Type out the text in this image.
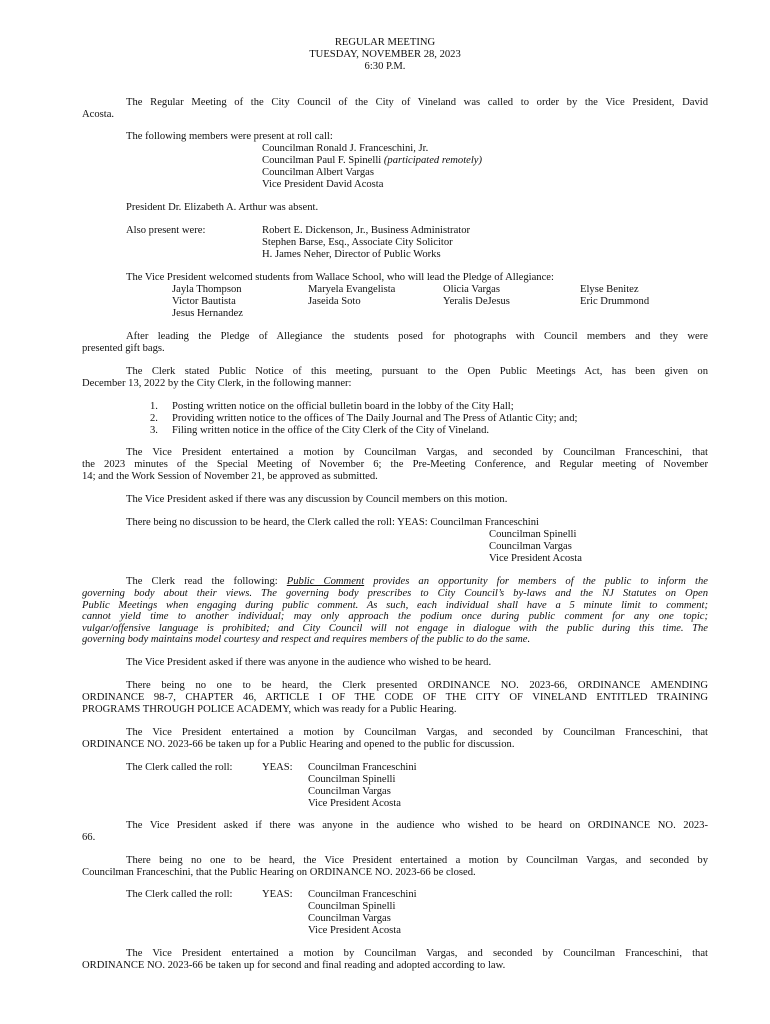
REGULAR MEETING

TUESDAY, NOVEMBER 28, 2023

6:30 P.M.

The Regular Meeting of the City Council of the City of Vineland was called to order by the Vice President, David

Acosta.

The following members were present at roll call:

Councilman Ronald J. Franceschini, Jr.

Councilman Paul F. Spinelli (participated remotely)

Councilman Albert Vargas

Vice President David Acosta

President Dr. Elizabeth A. Arthur was absent.

Also present were:	Robert E. Dickenson, Jr., Business Administrator

Stephen Barse, Esq., Associate City Solicitor

H. James Neher, Director of Public Works

The Vice President welcomed students from Wallace School, who will lead the Pledge of Allegiance:

Jayla Thompson	Maryela Evangelista	Olicia Vargas	Elyse Benitez

Victor Bautista	Jaseida Soto	Yeralis DeJesus	Eric Drummond

Jesus Hernandez

After leading the Pledge of Allegiance the students posed for photographs with Council members and they were

presented gift bags.

The Clerk stated Public Notice of this meeting, pursuant to the Open Public Meetings Act, has been given on

December 13, 2022 by the City Clerk, in the following manner:

1. Posting written notice on the official bulletin board in the lobby of the City Hall;

2. Providing written notice to the offices of The Daily Journal and The Press of Atlantic City; and;

3. Filing written notice in the office of the City Clerk of the City of Vineland.

The Vice President entertained a motion by Councilman Vargas, and seconded by Councilman Franceschini, that

the 2023 minutes of the Special Meeting of November 6; the Pre-Meeting Conference, and Regular meeting of November

14; and the Work Session of November 21, be approved as submitted.

The Vice President asked if there was any discussion by Council members on this motion.

There being no discussion to be heard, the Clerk called the roll: YEAS: Councilman Franceschini

Councilman Spinelli

Councilman Vargas

Vice President Acosta

The Clerk read the following: Public Comment provides an opportunity for members of the public to inform the

governing body about their views. The governing body prescribes to City Council’s by-laws and the NJ Statutes on Open

Public Meetings when engaging during public comment. As such, each individual shall have a 5 minute limit to comment;

cannot yield time to another individual; may only approach the podium once during public comment for any one topic;

vulgar/offensive language is prohibited; and City Council will not engage in dialogue with the public during this time. The

governing body maintains model courtesy and respect and requires members of the public to do the same.

The Vice President asked if there was anyone in the audience who wished to be heard.

There being no one to be heard, the Clerk presented ORDINANCE NO. 2023-66, ORDINANCE AMENDING

ORDINANCE 98-7, CHAPTER 46, ARTICLE I OF THE CODE OF THE CITY OF VINELAND ENTITLED TRAINING

PROGRAMS THROUGH POLICE ACADEMY, which was ready for a Public Hearing.

The Vice President entertained a motion by Councilman Vargas, and seconded by Councilman Franceschini, that

ORDINANCE NO. 2023-66 be taken up for a Public Hearing and opened to the public for discussion.

The Clerk called the roll:	YEAS: Councilman Franceschini

Councilman Spinelli

Councilman Vargas

Vice President Acosta

The Vice President asked if there was anyone in the audience who wished to be heard on ORDINANCE NO. 2023-

66.

There being no one to be heard, the Vice President entertained a motion by Councilman Vargas, and seconded by

Councilman Franceschini, that the Public Hearing on ORDINANCE NO. 2023-66 be closed.

The Clerk called the roll:	YEAS: Councilman Franceschini

Councilman Spinelli

Councilman Vargas

Vice President Acosta

The Vice President entertained a motion by Councilman Vargas, and seconded by Councilman Franceschini, that

ORDINANCE NO. 2023-66 be taken up for second and final reading and adopted according to law.
